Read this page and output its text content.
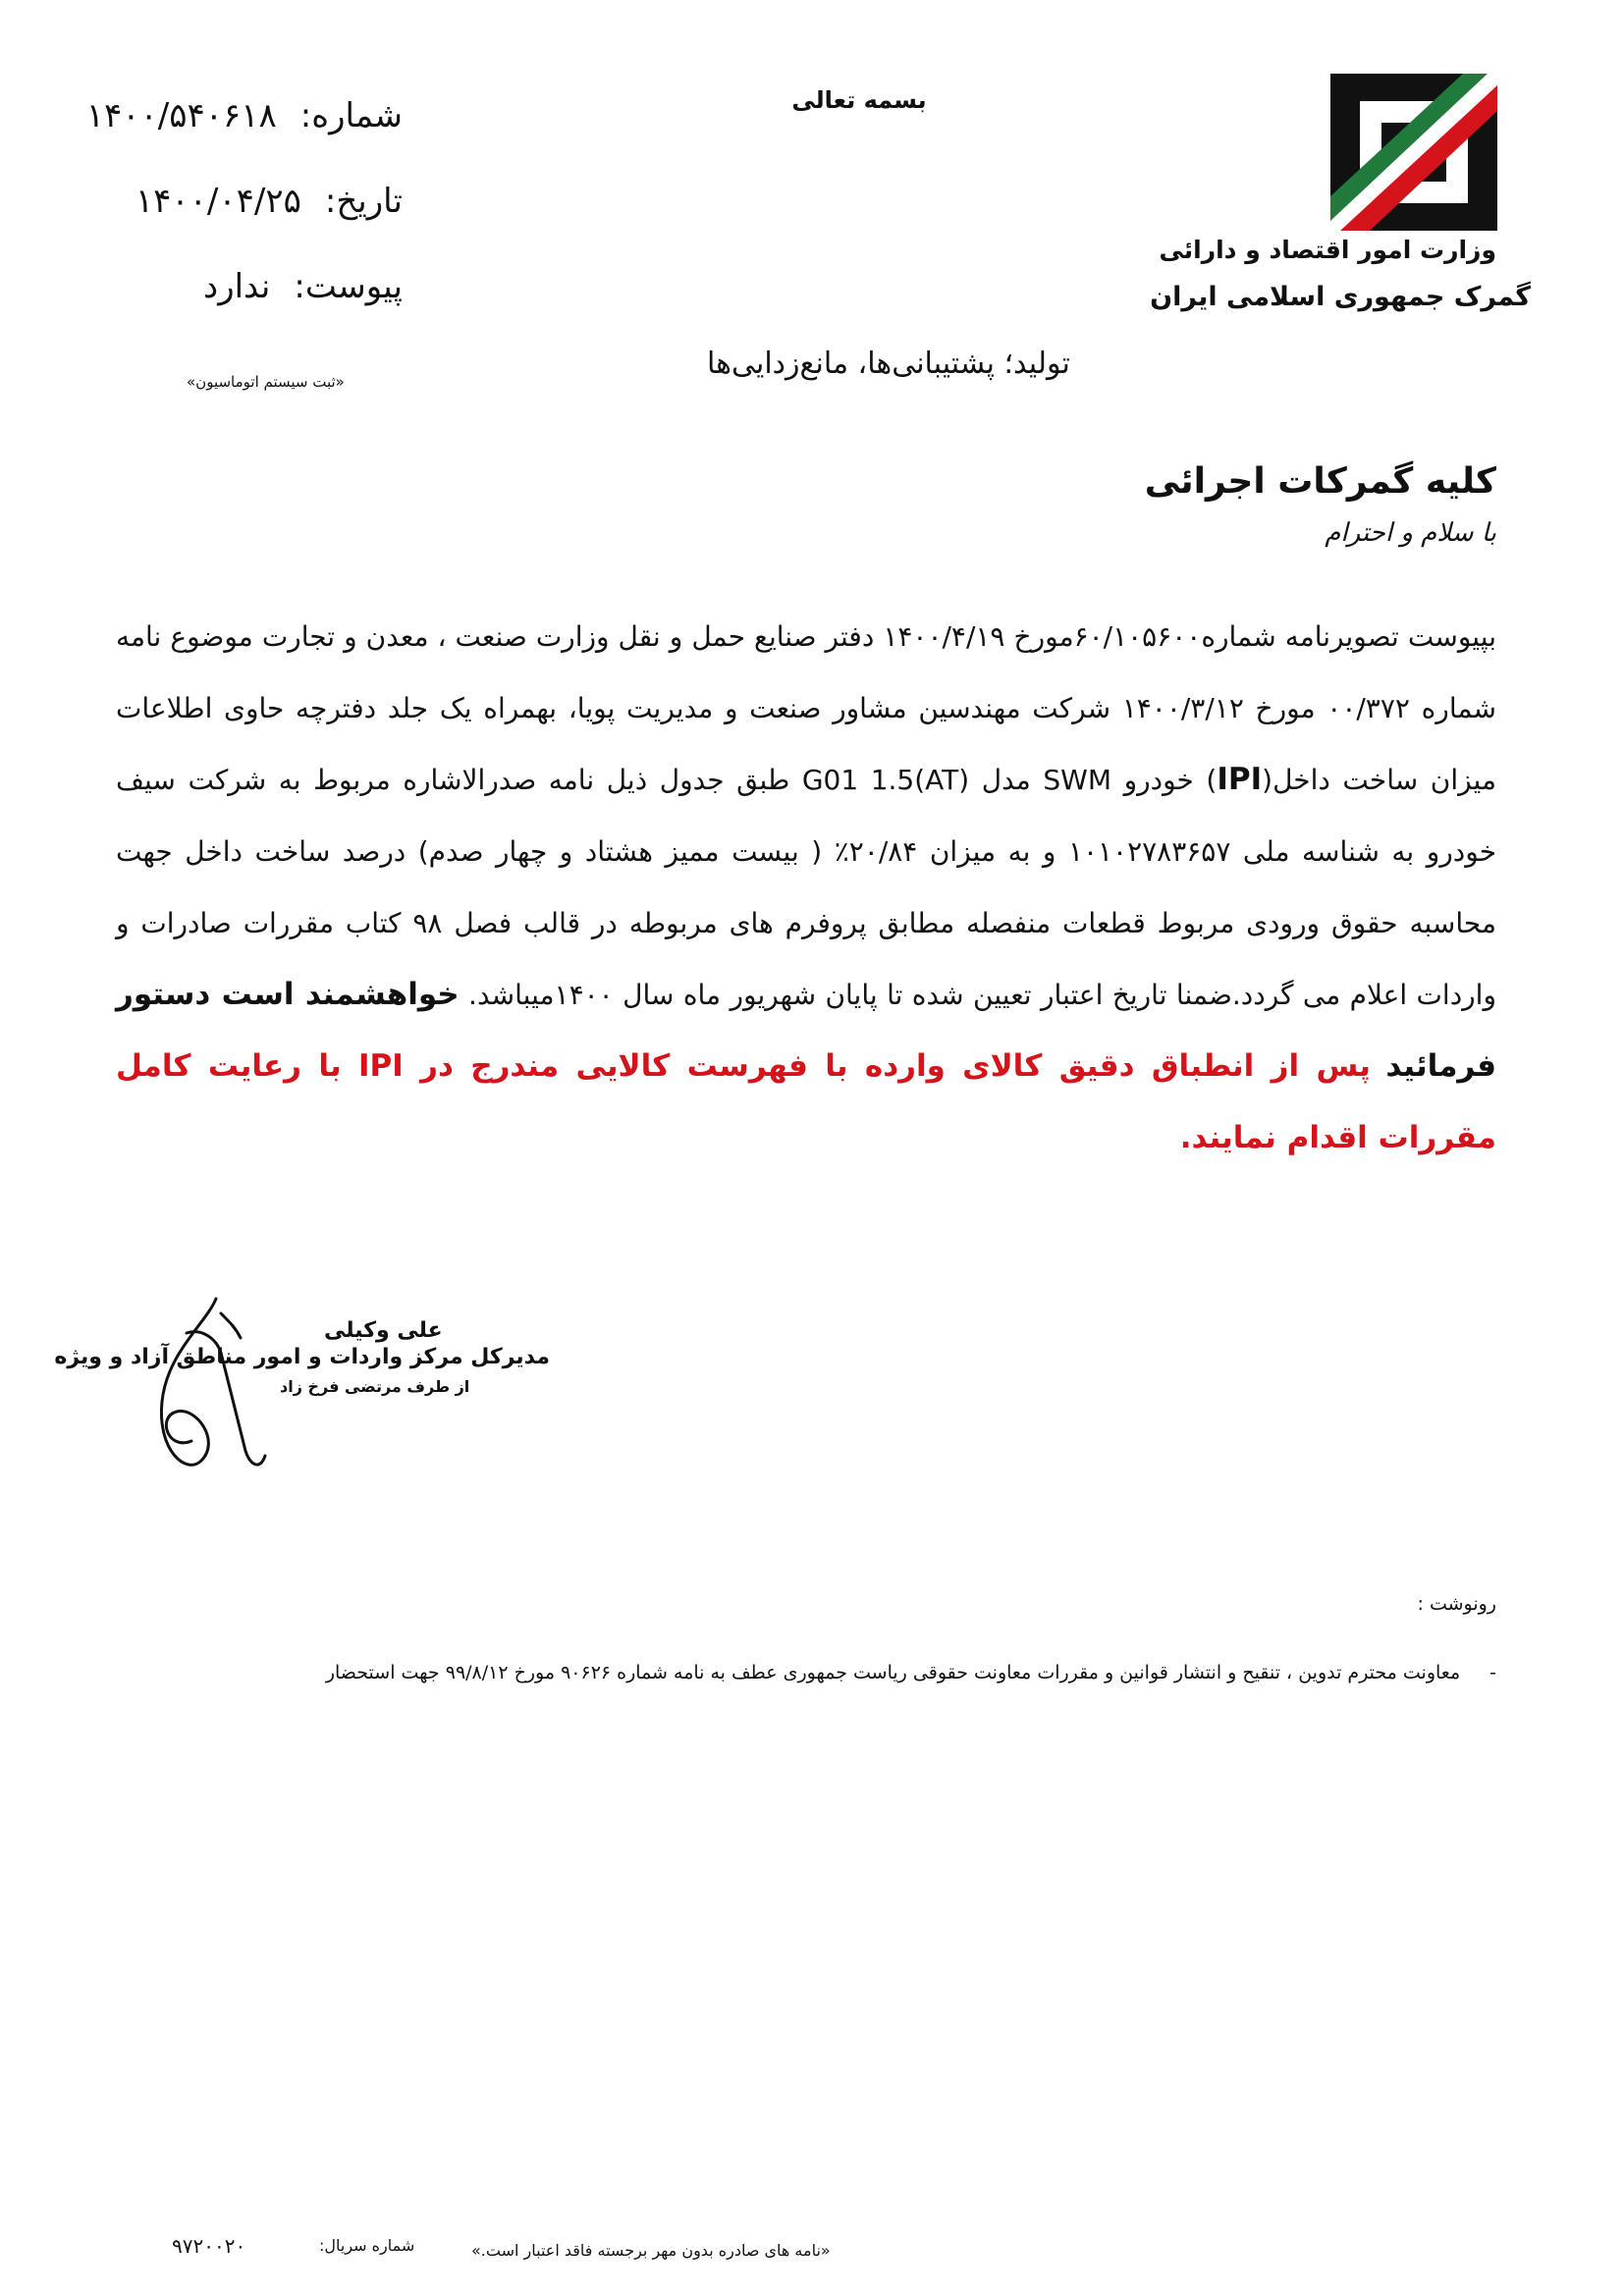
وزارت امور اقتصاد و دارائی
گمرک جمهوری اسلامی ایران
بسمه تعالی
شماره:
۱۴۰۰/۵۴۰۶۱۸
تاریخ:
۱۴۰۰/۰۴/۲۵
پیوست:
ندارد
«ثبت سیستم اتوماسیون»
تولید؛ پشتیبانی‌ها، مانع‌زدایی‌ها
کلیه گمرکات اجرائی
با سلام و احترام
بپیوست تصویرنامه شماره۶۰/۱۰۵۶۰۰مورخ ۱۴۰۰/۴/۱۹ دفتر صنایع حمل و نقل وزارت صنعت ، معدن و تجارت موضوع نامه شماره ۰۰/۳۷۲ مورخ ۱۴۰۰/۳/۱۲ شرکت مهندسین مشاور صنعت و مدیریت پویا، بهمراه یک جلد دفترچه حاوی اطلاعات میزان ساخت داخل(IPI) خودرو SWM مدل G01 1.5(AT) طبق جدول ذیل نامه صدرالاشاره مربوط به شرکت سیف خودرو به شناسه ملی ۱۰۱۰۲۷۸۳۶۵۷ و به میزان ۲۰/۸۴٪ ( بیست ممیز هشتاد و چهار صدم) درصد ساخت داخل جهت محاسبه حقوق ورودی مربوط قطعات منفصله مطابق پروفرم های مربوطه در قالب فصل ۹۸ کتاب مقررات صادرات و واردات اعلام می گردد.ضمنا تاریخ اعتبار تعیین شده تا پایان شهریور ماه سال ۱۴۰۰میباشد. خواهشمند است دستور فرمائید پس از انطباق دقیق کالای وارده با فهرست کالایی مندرج در IPI با رعایت کامل مقررات اقدام نمایند.
علی وکیلی
مدیرکل مرکز واردات و امور مناطق آزاد و ویژه
از طرف مرتضی فرخ زاد
رونوشت :
-
معاونت محترم تدوین ، تنقیح و انتشار قوانین و مقررات معاونت حقوقی ریاست جمهوری عطف به نامه شماره ۹۰۶۲۶ مورخ ۹۹/۸/۱۲ جهت استحضار
«نامه های صادره بدون مهر برجسته فاقد اعتبار است.»
شماره سریال:
۹۷۲۰۰۲۰
